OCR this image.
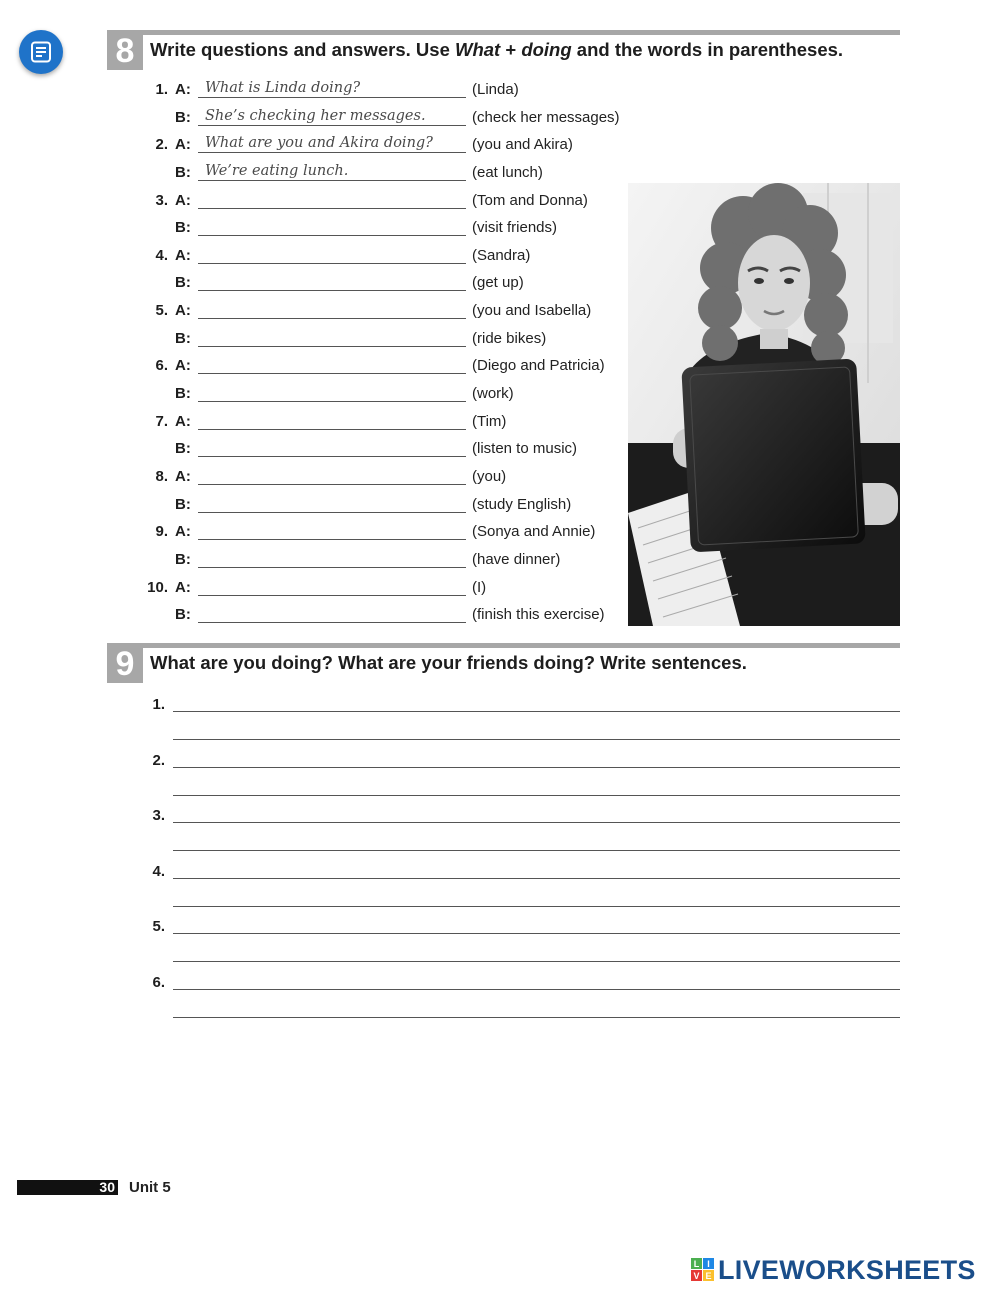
8 Write questions and answers. Use What + doing and the words in parentheses.
1. A: What is Linda doing?	(Linda)
B: She’s checking her messages.	(check her messages)
2. A: What are you and Akira doing?	(you and Akira)
B: We’re eating lunch.	(eat lunch)
3. A:	(Tom and Donna)
B:	(visit friends)
4. A:	(Sandra)
B:	(get up)
5. A:	(you and Isabella)
B:	(ride bikes)
6. A:	(Diego and Patricia)
B:	(work)
7. A:	(Tim)
B:	(listen to music)
8. A:	(you)
B:	(study English)
9. A:	(Sonya and Annie)
B:	(have dinner)
10. A:	(I)
B:	(finish this exercise)
9 What are you doing? What are your friends doing? Write sentences.
1.
2.
3.
4.
5.
6.
30 Unit 5
L I
V E LIVEWORKSHEETS
